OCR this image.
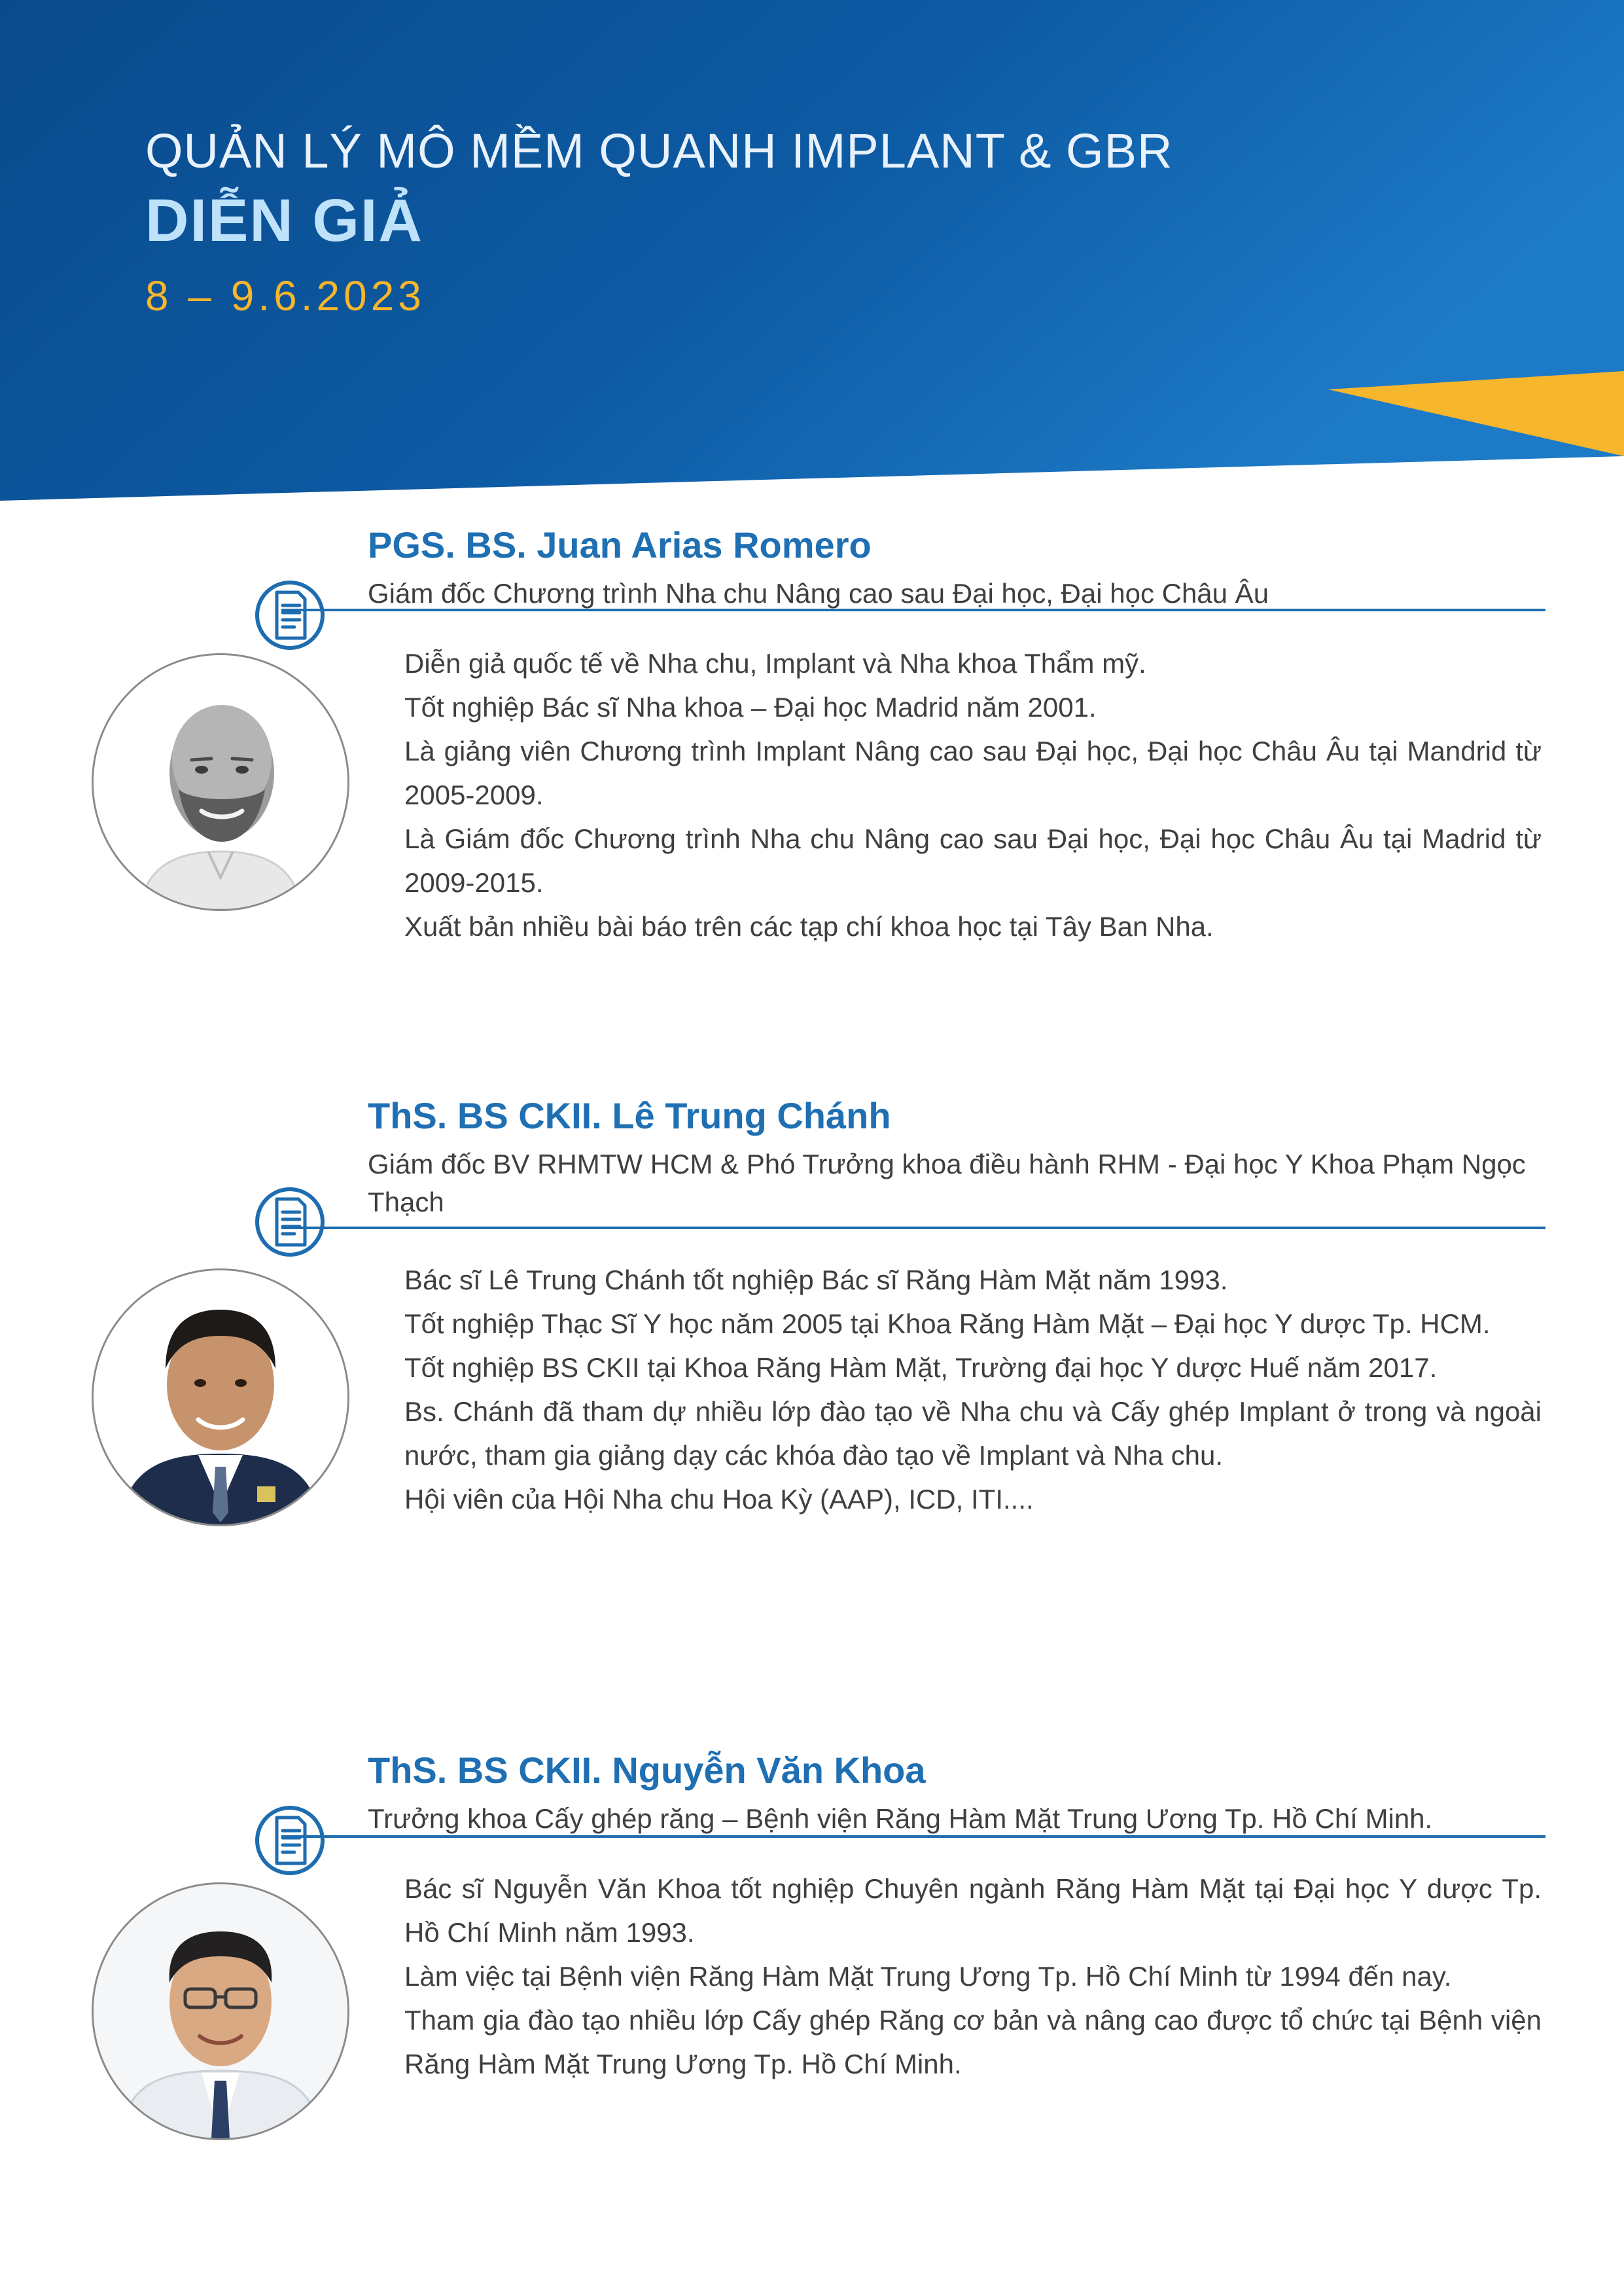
QUẢN LÝ MÔ MỀM QUANH IMPLANT & GBR
DIỄN GIẢ
8 – 9.6.2023
PGS. BS. Juan Arias Romero
Giám đốc Chương trình Nha chu Nâng cao sau Đại học, Đại học Châu Âu
Diễn giả quốc tế về Nha chu, Implant và Nha khoa Thẩm mỹ.
Tốt nghiệp Bác sĩ Nha khoa – Đại học Madrid năm 2001.
Là giảng viên Chương trình Implant Nâng cao sau Đại học, Đại học Châu Âu tại Mandrid từ 2005-2009.
Là Giám đốc Chương trình Nha chu Nâng cao sau Đại học, Đại học Châu Âu tại Madrid từ 2009-2015.
Xuất bản nhiều bài báo trên các tạp chí khoa học tại Tây Ban Nha.
ThS. BS CKII. Lê Trung Chánh
Giám đốc BV RHMTW HCM & Phó Trưởng khoa điều hành RHM - Đại học Y Khoa Phạm Ngọc Thạch
Bác sĩ Lê Trung Chánh tốt nghiệp Bác sĩ Răng Hàm Mặt năm 1993.
Tốt nghiệp Thạc Sĩ Y học năm 2005 tại Khoa Răng Hàm Mặt – Đại học Y dược Tp. HCM.
Tốt nghiệp BS CKII tại Khoa Răng Hàm Mặt, Trường đại học Y dược Huế năm 2017.
Bs. Chánh đã tham dự nhiều lớp đào tạo về Nha chu và Cấy ghép Implant ở trong và ngoài nước, tham gia giảng dạy các khóa đào tạo về Implant và Nha chu.
Hội viên của Hội Nha chu Hoa Kỳ (AAP), ICD, ITI....
ThS. BS CKII. Nguyễn Văn Khoa
Trưởng khoa Cấy ghép răng – Bệnh viện Răng Hàm Mặt Trung Ương Tp. Hồ Chí Minh.
Bác sĩ Nguyễn Văn Khoa tốt nghiệp Chuyên ngành Răng Hàm Mặt tại Đại học Y dược Tp. Hồ Chí Minh năm 1993.
Làm việc tại Bệnh viện Răng Hàm Mặt Trung Ương Tp. Hồ Chí Minh từ 1994 đến nay.
Tham gia đào tạo nhiều lớp Cấy ghép Răng cơ bản và nâng cao được tổ chức tại Bệnh viện Răng Hàm Mặt Trung Ương Tp. Hồ Chí Minh.
